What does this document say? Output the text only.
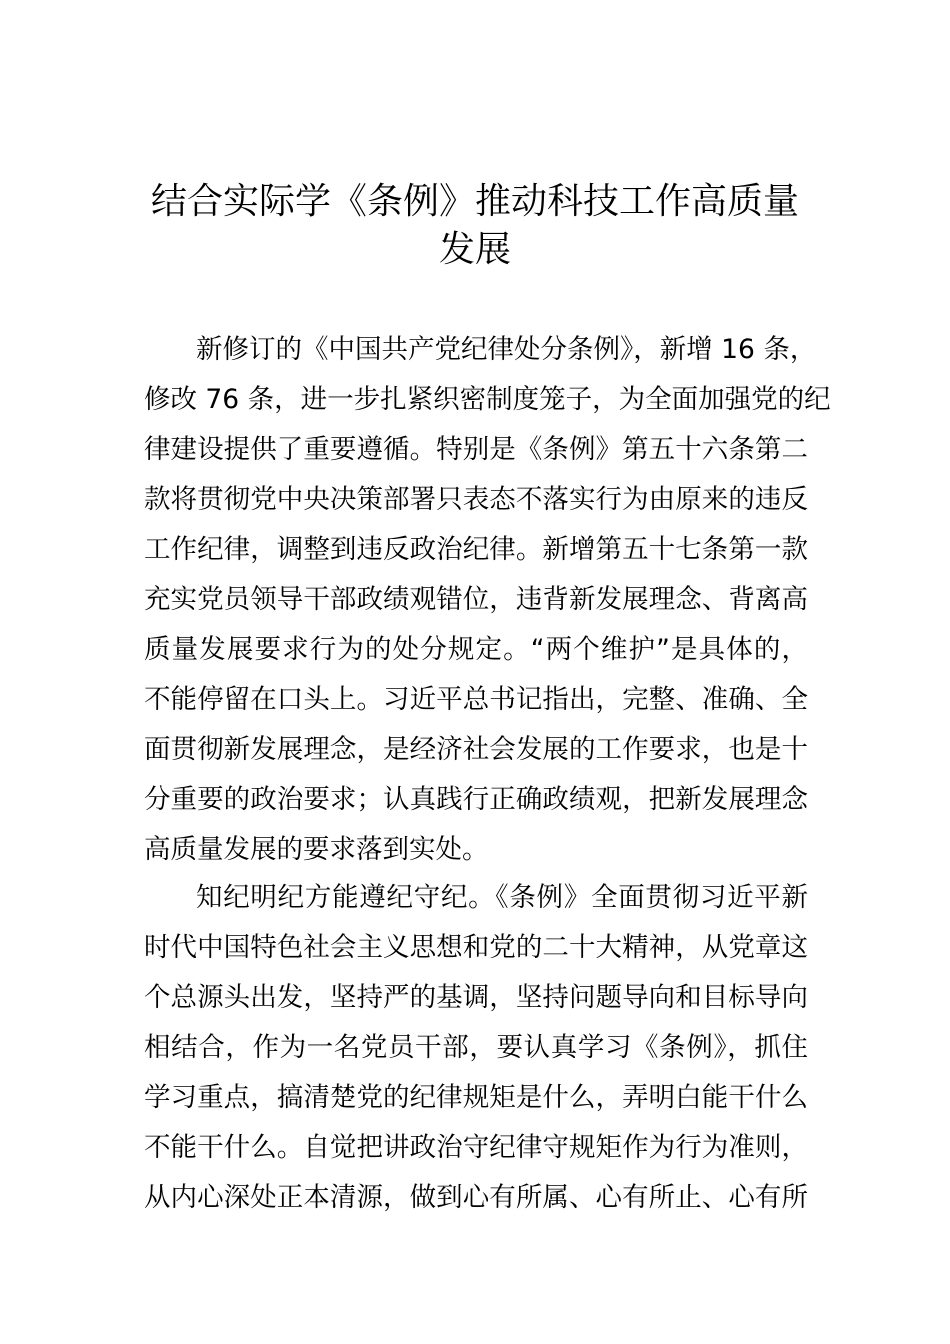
结合实际学《条例》推动科技工作高质量
发展
新修订的《中国共产党纪律处分条例》，新增 16 条，
修改 76 条，进一步扎紧织密制度笼子，为全面加强党的纪
律建设提供了重要遵循。特别是《条例》第五十六条第二
款将贯彻党中央决策部署只表态不落实行为由原来的违反
工作纪律，调整到违反政治纪律。新增第五十七条第一款
充实党员领导干部政绩观错位，违背新发展理念、背离高
质量发展要求行为的处分规定。“两个维护”是具体的，
不能停留在口头上。习近平总书记指出，完整、准确、全
面贯彻新发展理念，是经济社会发展的工作要求，也是十
分重要的政治要求；认真践行正确政绩观，把新发展理念
高质量发展的要求落到实处。
知纪明纪方能遵纪守纪。《条例》全面贯彻习近平新
时代中国特色社会主义思想和党的二十大精神，从党章这
个总源头出发，坚持严的基调，坚持问题导向和目标导向
相结合，作为一名党员干部，要认真学习《条例》，抓住
学习重点，搞清楚党的纪律规矩是什么，弄明白能干什么
不能干什么。自觉把讲政治守纪律守规矩作为行为准则，
从内心深处正本清源，做到心有所属、心有所止、心有所
